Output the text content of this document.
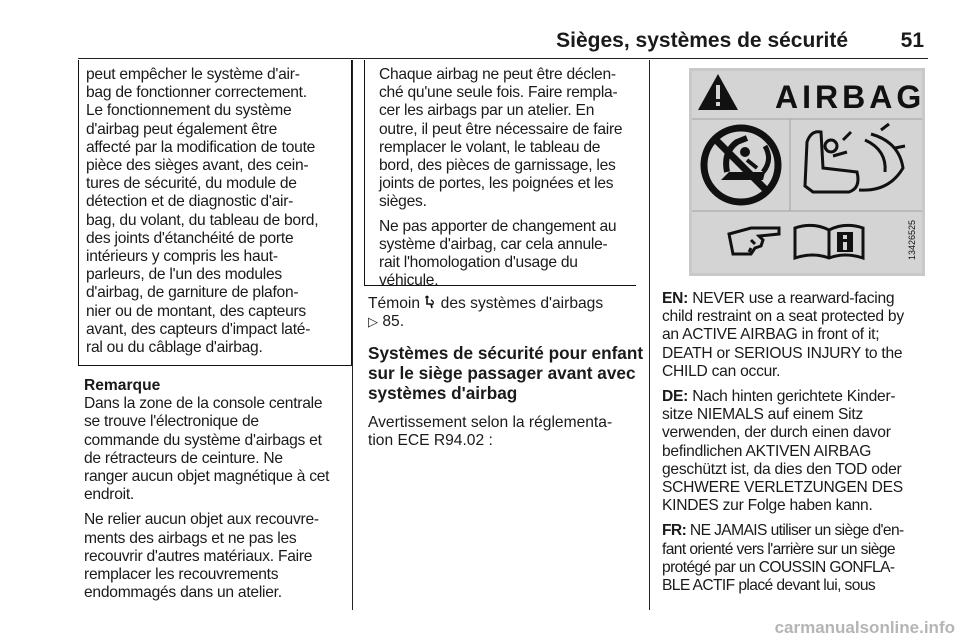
Sièges, systèmes de sécurité	51

peut empêcher le système d'air-
bag de fonctionner correctement.
Le fonctionnement du système
d'airbag peut également être
affecté par la modification de toute
pièce des sièges avant, des cein-
tures de sécurité, du module de
détection et de diagnostic d'air-
bag, du volant, du tableau de bord,
des joints d'étanchéité de porte
intérieurs y compris les haut-
parleurs, de l'un des modules
d'airbag, de garniture de plafon-
nier ou de montant, des capteurs
avant, des capteurs d'impact laté-
ral ou du câblage d'airbag.

Remarque

Dans la zone de la console centrale
se trouve l'électronique de
commande du système d'airbags et
de rétracteurs de ceinture. Ne
ranger aucun objet magnétique à cet
endroit.

Ne relier aucun objet aux recouvre-
ments des airbags et ne pas les
recouvrir d'autres matériaux. Faire
remplacer les recouvrements
endommagés dans un atelier.

Chaque airbag ne peut être déclen-
ché qu'une seule fois. Faire rempla-
cer les airbags par un atelier. En
outre, il peut être nécessaire de faire
remplacer le volant, le tableau de
bord, des pièces de garnissage, les
joints de portes, les poignées et les
sièges.

Ne pas apporter de changement au
système d'airbag, car cela annule-
rait l'homologation d'usage du
véhicule.

Témoin  des systèmes d'airbags
▷ 85.

Systèmes de sécurité pour enfant
sur le siège passager avant avec
systèmes d'airbag

Avertissement selon la réglementa-
tion ECE R94.02 :

AIRBAG
13426525

EN: NEVER use a rearward-facing
child restraint on a seat protected by
an ACTIVE AIRBAG in front of it;
DEATH or SERIOUS INJURY to the
CHILD can occur.

DE: Nach hinten gerichtete Kinder-
sitze NIEMALS auf einem Sitz
verwenden, der durch einen davor
befindlichen AKTIVEN AIRBAG
geschützt ist, da dies den TOD oder
SCHWERE VERLETZUNGEN DES
KINDES zur Folge haben kann.

FR: NE JAMAIS utiliser un siège d'en-
fant orienté vers l'arrière sur un siège
protégé par un COUSSIN GONFLA-
BLE ACTIF placé devant lui, sous

carmanualsonline.info
